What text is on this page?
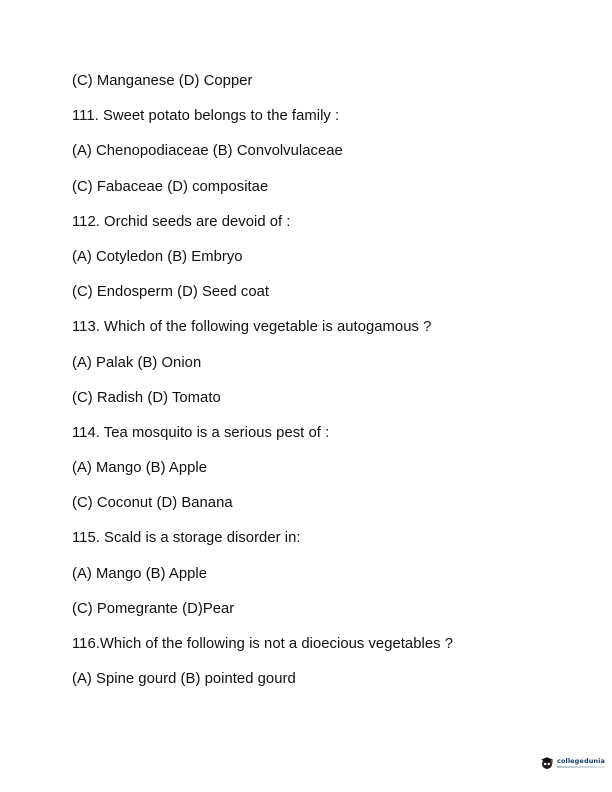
(C) Manganese (D) Copper
111. Sweet potato belongs to the family :
(A) Chenopodiaceae (B) Convolvulaceae
(C) Fabaceae (D) compositae
112. Orchid seeds are devoid of :
(A) Cotyledon (B) Embryo
(C) Endosperm (D) Seed coat
113. Which of the following vegetable is autogamous ?
(A) Palak (B) Onion
(C) Radish (D) Tomato
114. Tea mosquito is a serious pest of :
(A) Mango (B) Apple
(C) Coconut (D) Banana
115. Scald is a storage disorder in:
(A) Mango (B) Apple
(C) Pomegrante (D)Pear
116.Which of the following is not a dioecious vegetables ?
(A) Spine gourd (B) pointed gourd
collegedunia
